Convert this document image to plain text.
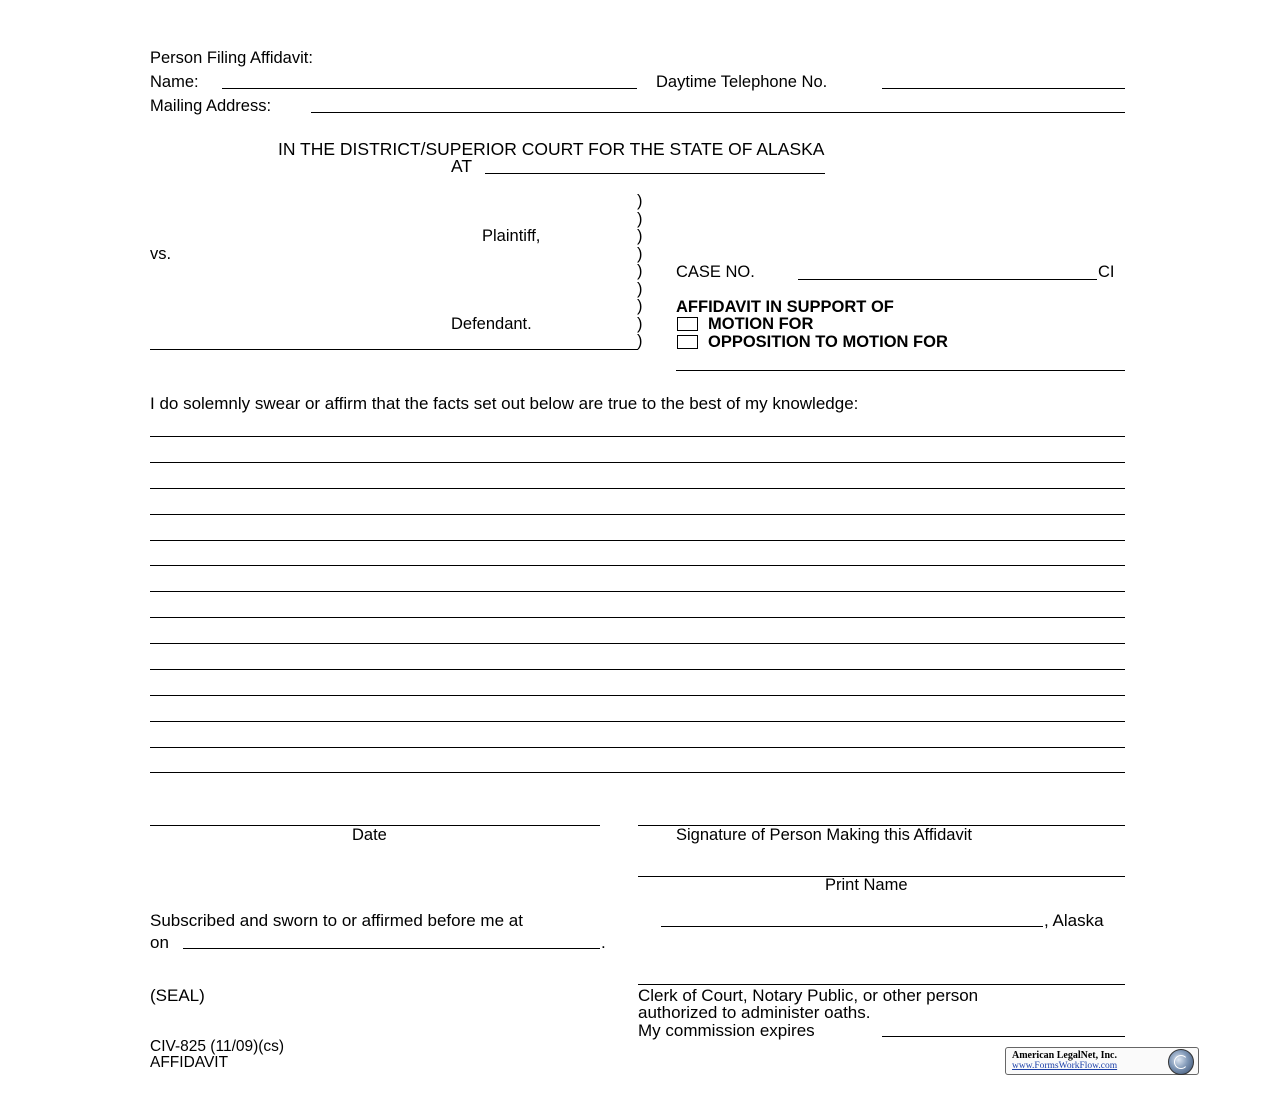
Person Filing Affidavit:
Name:	Daytime Telephone No.
Mailing Address:
IN THE DISTRICT/SUPERIOR COURT FOR THE STATE OF ALASKA
AT
Plaintiff,
vs.
Defendant.
)
)
)
)
)
)
)
)
)
CASE NO.	CI
AFFIDAVIT IN SUPPORT OF
MOTION FOR
OPPOSITION TO MOTION FOR
I do solemnly swear or affirm that the facts set out below are true to the best of my knowledge:
Date	Signature of Person Making this Affidavit
Print Name
Subscribed and sworn to or affirmed before me at	, Alaska
on	.
(SEAL)	Clerk of Court, Notary Public, or other person
authorized to administer oaths.
My commission expires
CIV-825 (11/09)(cs)
AFFIDAVIT	American LegalNet, Inc.
www.FormsWorkFlow.com
